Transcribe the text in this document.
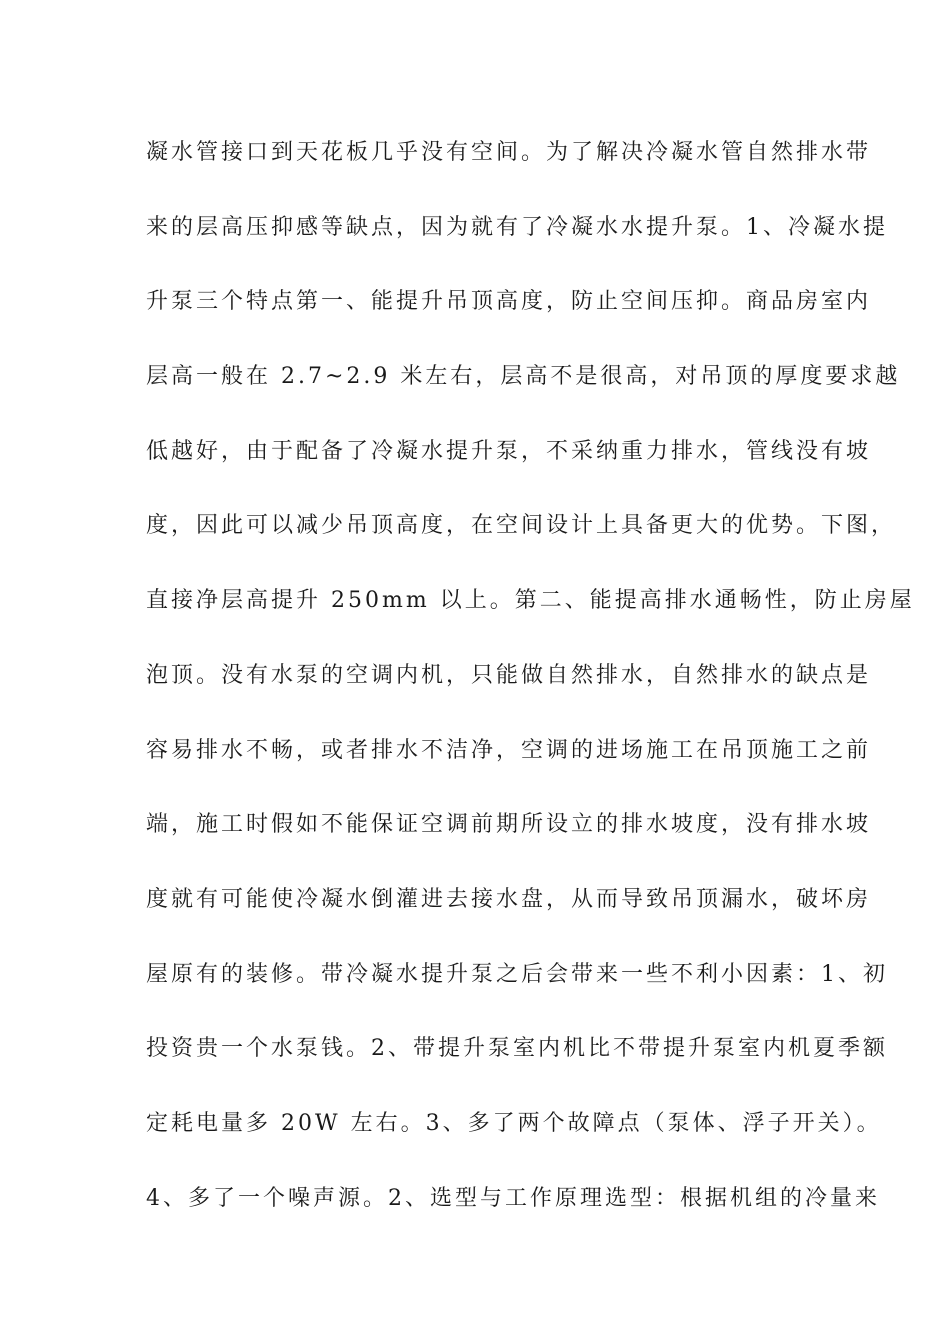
凝水管接口到天花板几乎没有空间。为了解决冷凝水管自然排水带
来的层高压抑感等缺点，因为就有了冷凝水水提升泵。1、冷凝水提
升泵三个特点第一、能提升吊顶高度，防止空间压抑。商品房室内
层高一般在 2.7~2.9 米左右，层高不是很高，对吊顶的厚度要求越
低越好，由于配备了冷凝水提升泵，不采纳重力排水，管线没有坡
度，因此可以减少吊顶高度，在空间设计上具备更大的优势。下图，
直接净层高提升 250mm 以上。第二、能提高排水通畅性，防止房屋
泡顶。没有水泵的空调内机，只能做自然排水，自然排水的缺点是
容易排水不畅，或者排水不洁净，空调的进场施工在吊顶施工之前
端，施工时假如不能保证空调前期所设立的排水坡度，没有排水坡
度就有可能使冷凝水倒灌进去接水盘，从而导致吊顶漏水，破坏房
屋原有的装修。带冷凝水提升泵之后会带来一些不利小因素：1、初
投资贵一个水泵钱。2、带提升泵室内机比不带提升泵室内机夏季额
定耗电量多 20W 左右。3、多了两个故障点（泵体、浮子开关）。
4、多了一个噪声源。2、选型与工作原理选型：根据机组的冷量来
